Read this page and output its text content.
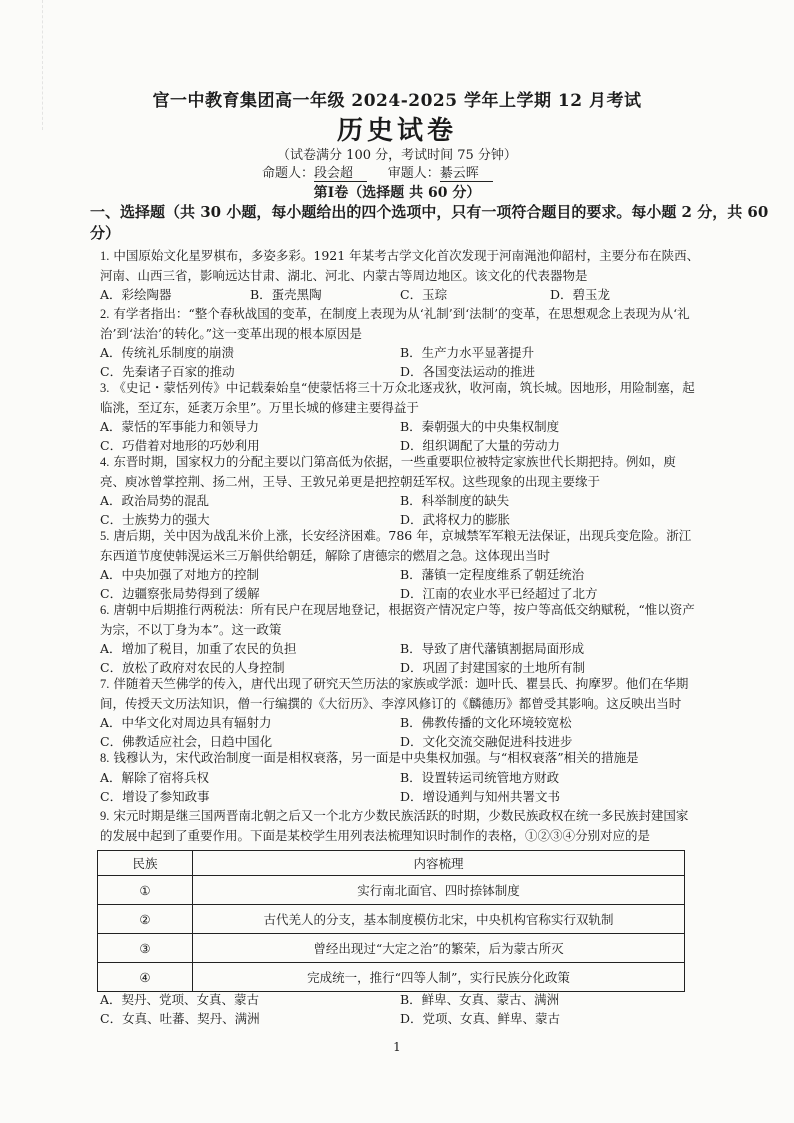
官一中教育集团高一年级 2024-2025 学年上学期 12 月考试
历史试卷
（试卷满分 100 分，考试时间 75 分钟）
命题人：段会超	审题人：綦云晖
第Ⅰ卷（选择题 共 60 分）
一、选择题（共 30 小题，每小题给出的四个选项中，只有一项符合题目的要求。每小题 2 分，共 60 分）
1. 中国原始文化星罗棋布，多姿多彩。1921 年某考古学文化首次发现于河南渑池仰韶村，主要分布在陕西、河南、山西三省，影响远达甘肃、湖北、河北、内蒙古等周边地区。该文化的代表器物是
A．彩绘陶器	B．蛋壳黑陶	C．玉琮	D．碧玉龙
2. 有学者指出：“整个春秋战国的变革，在制度上表现为从‘礼制’到‘法制’的变革，在思想观念上表现为从‘礼治’到‘法治’的转化。”这一变革出现的根本原因是
A．传统礼乐制度的崩溃	B．生产力水平显著提升
C．先秦诸子百家的推动	D．各国变法运动的推进
3. 《史记・蒙恬列传》中记载秦始皇“使蒙恬将三十万众北逐戎狄，收河南，筑长城。因地形，用险制塞，起临洮，至辽东，延袤万余里”。万里长城的修建主要得益于
A．蒙恬的军事能力和领导力	B．秦朝强大的中央集权制度
C．巧借着对地形的巧妙利用	D．组织调配了大量的劳动力
4. 东晋时期，国家权力的分配主要以门第高低为依据，一些重要职位被特定家族世代长期把持。例如，庾亮、庾冰曾掌控荆、扬二州，王导、王敦兄弟更是把控朝廷军权。这些现象的出现主要缘于
A．政治局势的混乱	B．科举制度的缺失
C．士族势力的强大	D．武将权力的膨胀
5. 唐后期，关中因为战乱米价上涨，长安经济困难。786 年，京城禁军军粮无法保证，出现兵变危险。浙江东西道节度使韩滉运米三万斛供给朝廷，解除了唐德宗的燃眉之急。这体现出当时
A．中央加强了对地方的控制	B．藩镇一定程度维系了朝廷统治
C．边疆察张局势得到了缓解	D．江南的农业水平已经超过了北方
6. 唐朝中后期推行两税法：所有民户在现居地登记，根据资产情况定户等，按户等高低交纳赋税，“惟以资产为宗，不以丁身为本”。这一政策
A．增加了税目，加重了农民的负担	B．导致了唐代藩镇割据局面形成
C．放松了政府对农民的人身控制	D．巩固了封建国家的土地所有制
7. 伴随着天竺佛学的传入，唐代出现了研究天竺历法的家族或学派：迦叶氏、瞿昙氏、拘摩罗。他们在华期间，传授天文历法知识，僧一行编撰的《大衍历》、李淳风修订的《麟德历》都曾受其影响。这反映出当时
A．中华文化对周边具有辐射力	B．佛教传播的文化环境较宽松
C．佛教适应社会，日趋中国化	D．文化交流交融促进科技进步
8. 钱穆认为，宋代政治制度一面是相权衰落，另一面是中央集权加强。与“相权衰落”相关的措施是
A．解除了宿将兵权	B．设置转运司统管地方财政
C．增设了参知政事	D．增设通判与知州共署文书
9. 宋元时期是继三国两晋南北朝之后又一个北方少数民族活跃的时期，少数民族政权在统一多民族封建国家的发展中起到了重要作用。下面是某校学生用列表法梳理知识时制作的表格，①②③④分别对应的是
民族	内容梳理
①	实行南北面官、四时捺钵制度
②	古代羌人的分支，基本制度模仿北宋，中央机构官称实行双轨制
③	曾经出现过“大定之治”的繁荣，后为蒙古所灭
④	完成统一，推行“四等人制”，实行民族分化政策
A．契丹、党项、女真、蒙古	B．鲜卑、女真、蒙古、满洲
C．女真、吐蕃、契丹、满洲	D．党项、女真、鲜卑、蒙古
1
